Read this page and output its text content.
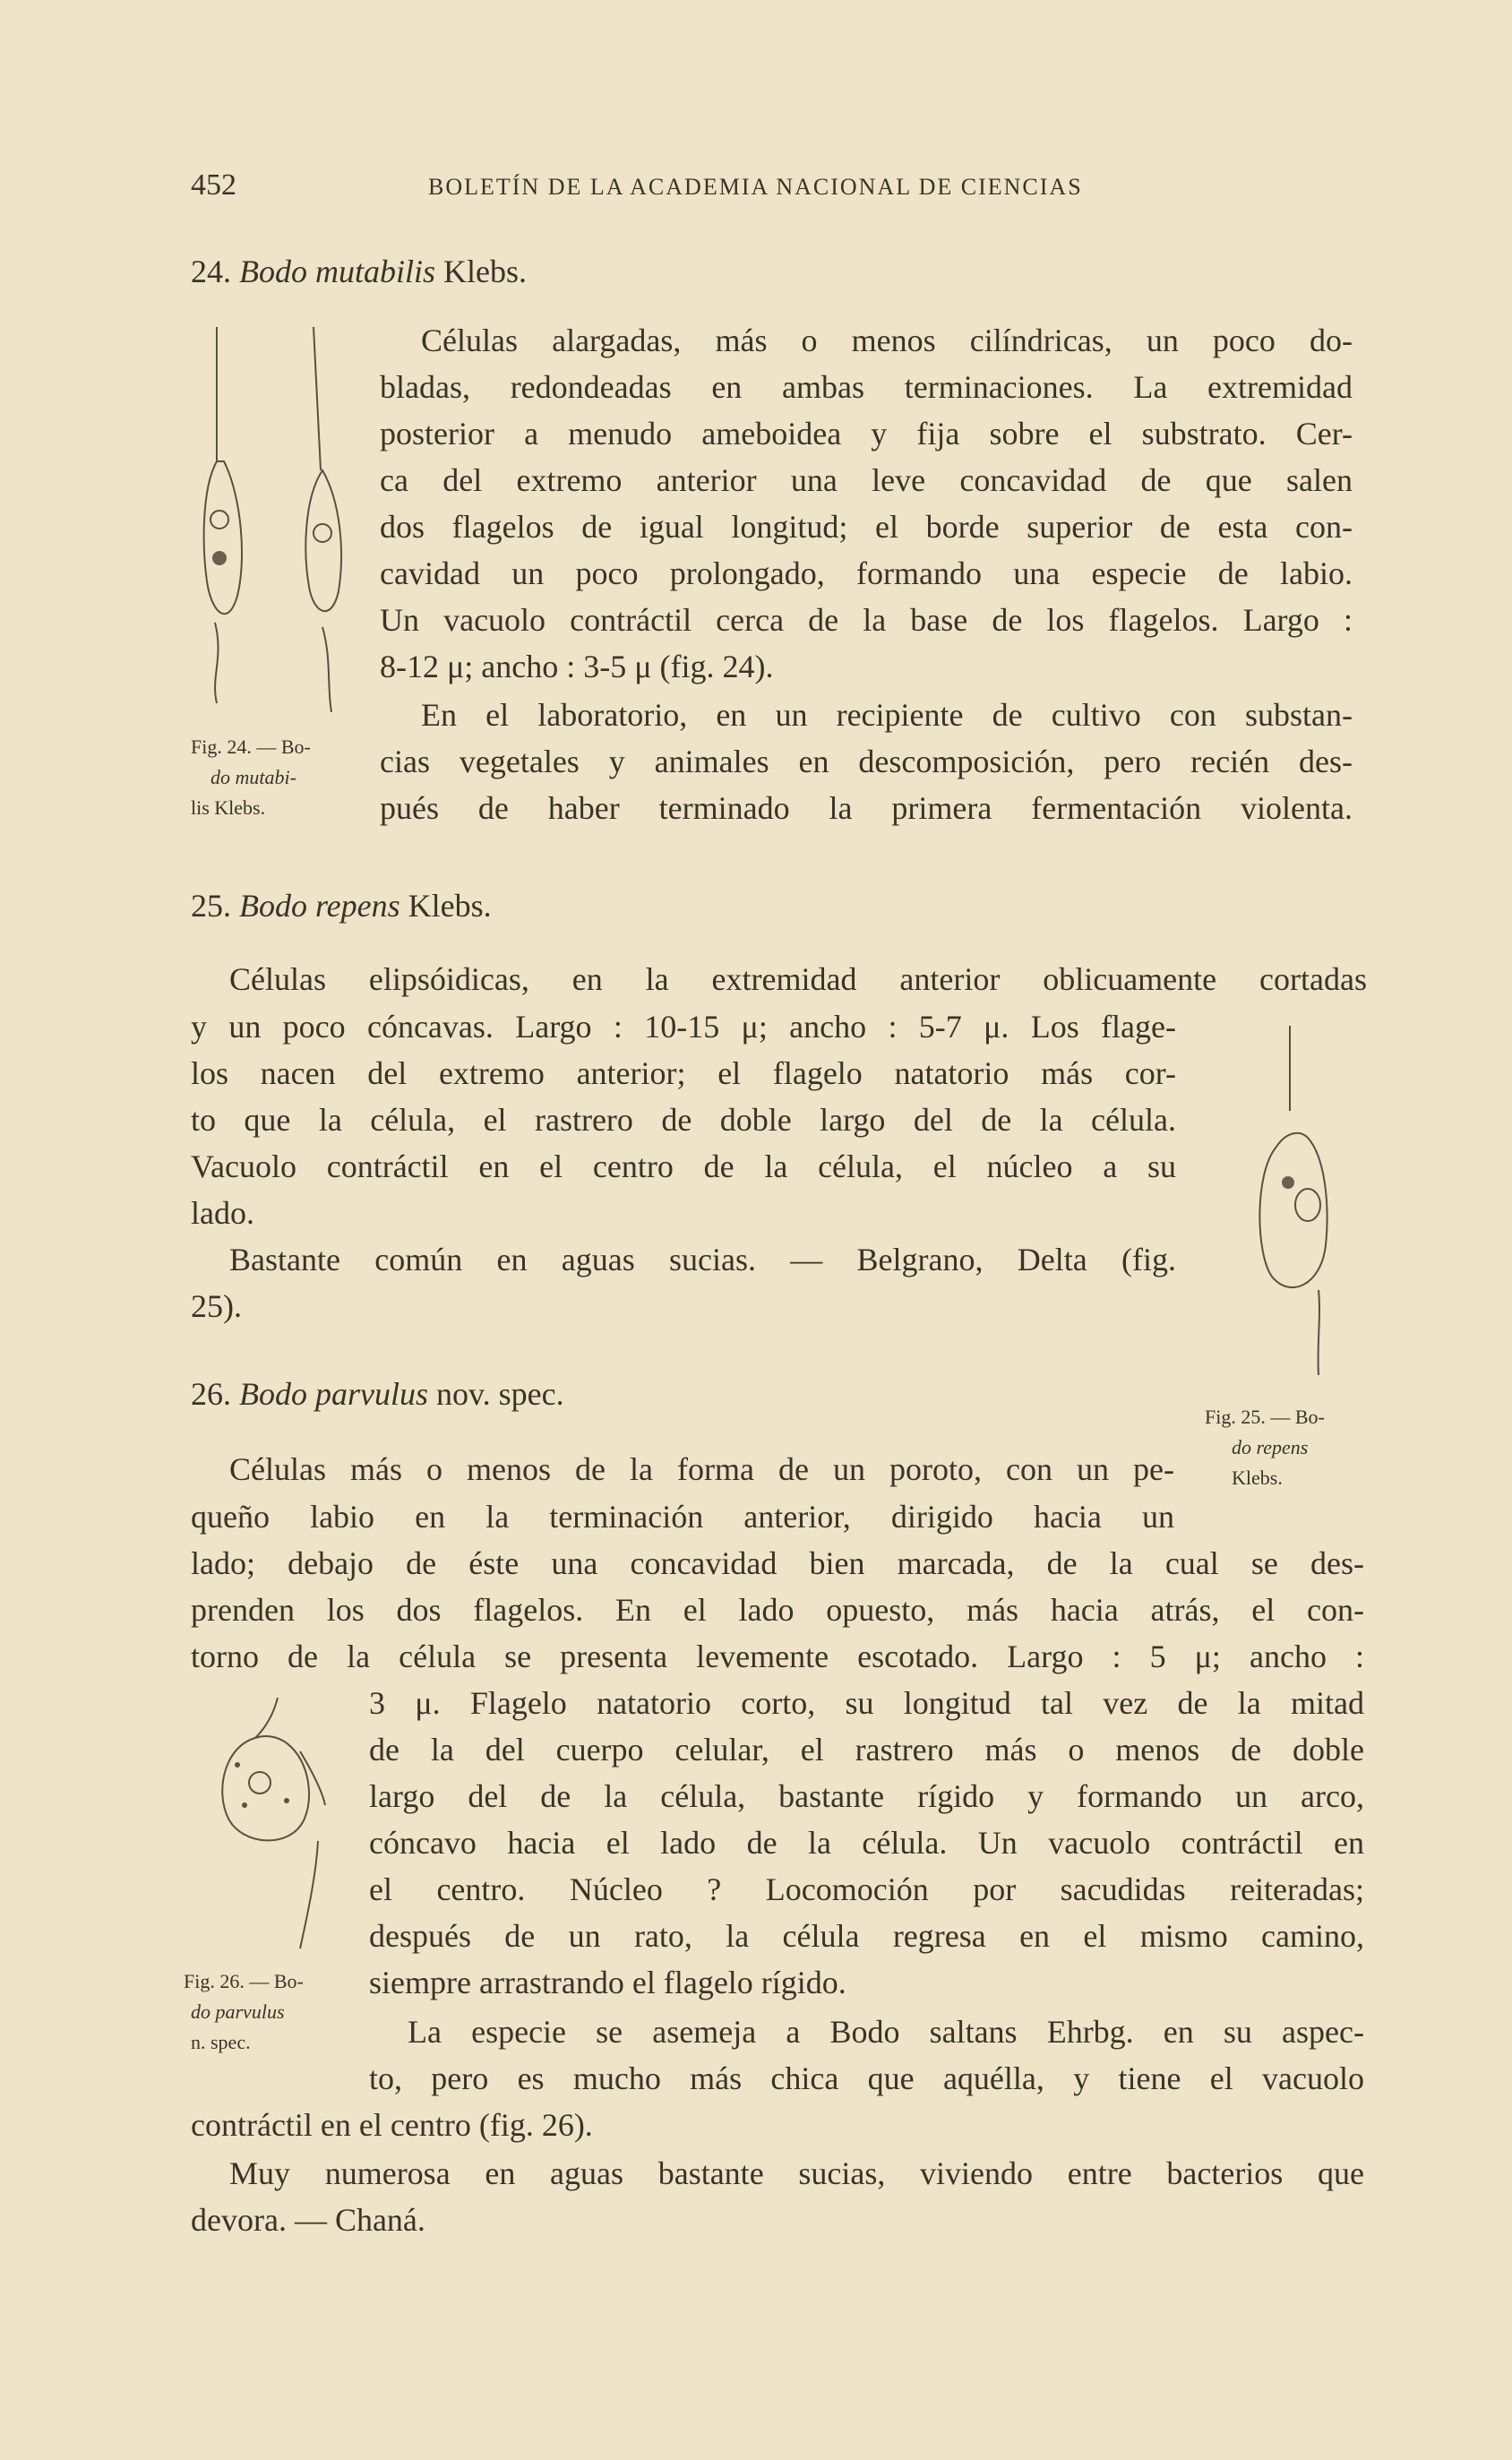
452	BOLETÍN DE LA ACADEMIA NACIONAL DE CIENCIAS
24. Bodo mutabilis Klebs.
Fig. 24. — Bo-
do mutabi-
lis Klebs.
Células alargadas, más o menos cilíndricas, un poco do-
bladas, redondeadas en ambas terminaciones. La extremidad
posterior a menudo ameboidea y fija sobre el substrato. Cer-
ca del extremo anterior una leve concavidad de que salen
dos flagelos de igual longitud; el borde superior de esta con-
cavidad un poco prolongado, formando una especie de labio.
Un vacuolo contráctil cerca de la base de los flagelos. Largo :
8-12 μ; ancho : 3-5 μ (fig. 24).
En el laboratorio, en un recipiente de cultivo con substan-
cias vegetales y animales en descomposición, pero recién des-
pués de haber terminado la primera fermentación violenta.
25. Bodo repens Klebs.
Células elipsóidicas, en la extremidad anterior oblicuamente cortadas
y un poco cóncavas. Largo : 10-15 μ; ancho : 5-7 μ. Los flage-
los nacen del extremo anterior; el flagelo natatorio más cor-
to que la célula, el rastrero de doble largo del de la célula.
Vacuolo contráctil en el centro de la célula, el núcleo a su
lado.
Bastante común en aguas sucias. — Belgrano, Delta (fig.
25).
Fig. 25. — Bo-
do repens
Klebs.
26. Bodo parvulus nov. spec.
Células más o menos de la forma de un poroto, con un pe-
queño labio en la terminación anterior, dirigido hacia un
lado; debajo de éste una concavidad bien marcada, de la cual se des-
prenden los dos flagelos. En el lado opuesto, más hacia atrás, el con-
torno de la célula se presenta levemente escotado. Largo : 5 μ; ancho :
3 μ. Flagelo natatorio corto, su longitud tal vez de la mitad
de la del cuerpo celular, el rastrero más o menos de doble
largo del de la célula, bastante rígido y formando un arco,
cóncavo hacia el lado de la célula. Un vacuolo contráctil en
el centro. Núcleo ? Locomoción por sacudidas reiteradas;
después de un rato, la célula regresa en el mismo camino,
siempre arrastrando el flagelo rígido.
La especie se asemeja a Bodo saltans Ehrbg. en su aspec-
to, pero es mucho más chica que aquélla, y tiene el vacuolo
contráctil en el centro (fig. 26).
Muy numerosa en aguas bastante sucias, viviendo entre bacterios que
devora. — Chaná.
Fig. 26. — Bo-
do parvulus
n. spec.
